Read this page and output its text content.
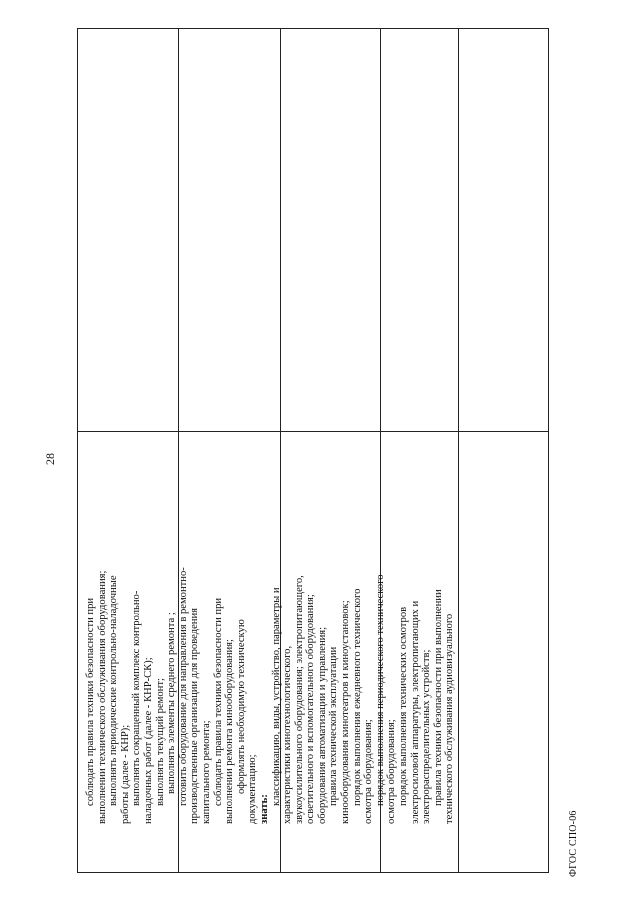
28
соблюдать правила техники безопасности при выполнении технического обслуживания оборудования; выполнять периодические контрольно-наладочные работы (далее - КНР); выполнять сокращенный комплекс контрольно- наладочных работ (далее - КНР-СК); выполнять текущий ремонт; выполнять элементы среднего ремонта ; готовить оборудование для направления в ремонтно- производственные организации для проведения капитального ремонта; соблюдать правила техники безопасности при выполнении ремонта кинооборудования; оформлять необходимую техническую документацию; знать:
классификацию, виды, устройство, параметры и характеристики кинотехнологического, звукоусилительного оборудования; электропитающего, осветительного и вспомогательного оборудования; оборудования автоматизации и управления; правила технической эксплуатации кинооборудования кинотеатров и киноустановок; порядок выполнения ежедневного технического осмотра оборудования; порядок выполнения периодического технического осмотра оборудования; порядок выполнения технических осмотров электросиловой аппаратуры, электропитающих и электрораспределительных устройств; правила техники безопасности при выполнении технического обслуживания аудиовизуального
ФГОС СПО-06
